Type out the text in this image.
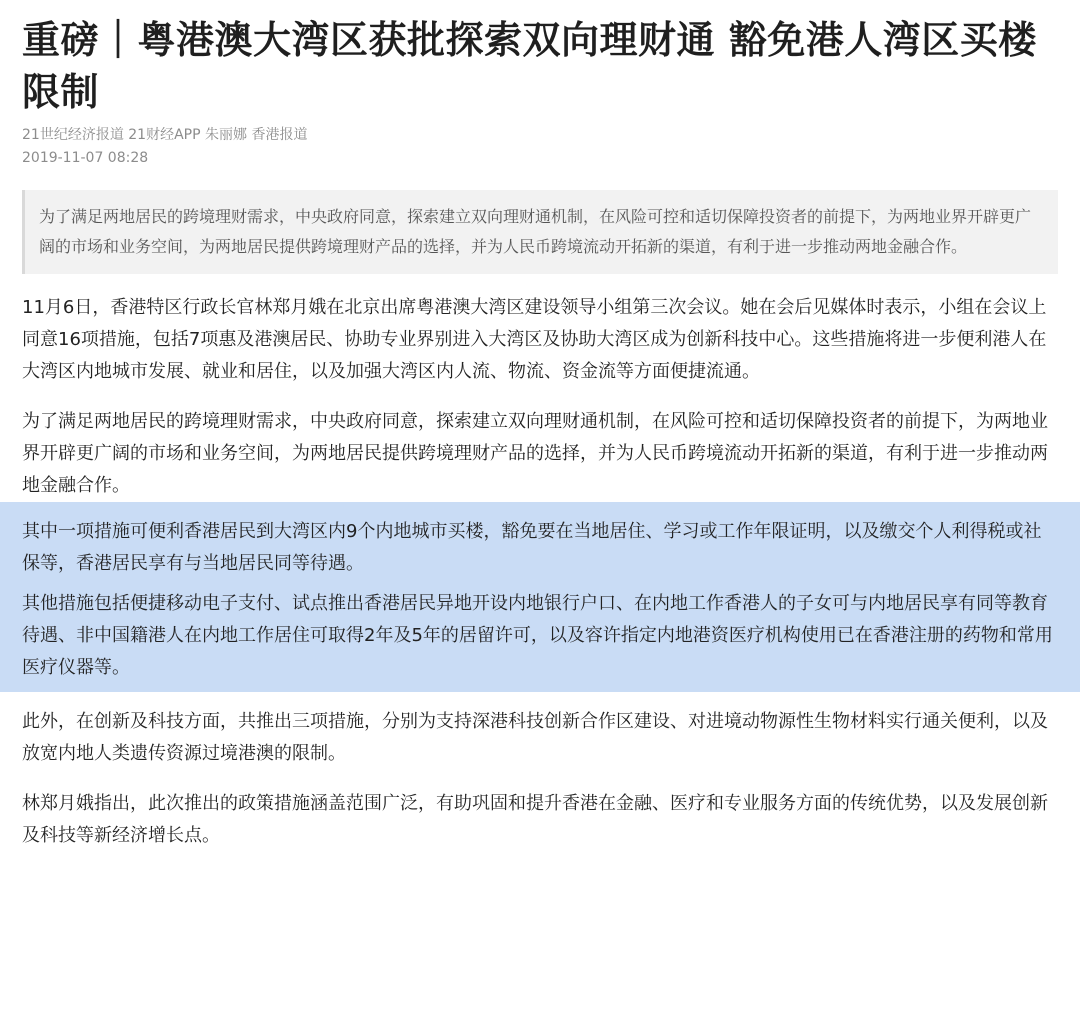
重磅｜粤港澳大湾区获批探索双向理财通 豁免港人湾区买楼限制
21世纪经济报道 21财经APP 朱丽娜 香港报道
2019-11-07 08:28
为了满足两地居民的跨境理财需求，中央政府同意，探索建立双向理财通机制，在风险可控和适切保障投资者的前提下，为两地业界开辟更广阔的市场和业务空间，为两地居民提供跨境理财产品的选择，并为人民币跨境流动开拓新的渠道，有利于进一步推动两地金融合作。

11月6日，香港特区行政长官林郑月娥在北京出席粤港澳大湾区建设领导小组第三次会议。她在会后见媒体时表示，小组在会议上同意16项措施，包括7项惠及港澳居民、协助专业界别进入大湾区及协助大湾区成为创新科技中心。这些措施将进一步便利港人在大湾区内地城市发展、就业和居住，以及加强大湾区内人流、物流、资金流等方面便捷流通。

为了满足两地居民的跨境理财需求，中央政府同意，探索建立双向理财通机制，在风险可控和适切保障投资者的前提下，为两地业界开辟更广阔的市场和业务空间，为两地居民提供跨境理财产品的选择，并为人民币跨境流动开拓新的渠道，有利于进一步推动两地金融合作。

其中一项措施可便利香港居民到大湾区内9个内地城市买楼，豁免要在当地居住、学习或工作年限证明，以及缴交个人利得税或社保等，香港居民享有与当地居民同等待遇。

其他措施包括便捷移动电子支付、试点推出香港居民异地开设内地银行户口、在内地工作香港人的子女可与内地居民享有同等教育待遇、非中国籍港人在内地工作居住可取得2年及5年的居留许可，以及容许指定内地港资医疗机构使用已在香港注册的药物和常用医疗仪器等。

此外，在创新及科技方面，共推出三项措施，分别为支持深港科技创新合作区建设、对进境动物源性生物材料实行通关便利，以及放宽内地人类遗传资源过境港澳的限制。

林郑月娥指出，此次推出的政策措施涵盖范围广泛，有助巩固和提升香港在金融、医疗和专业服务方面的传统优势，以及发展创新及科技等新经济增长点。
